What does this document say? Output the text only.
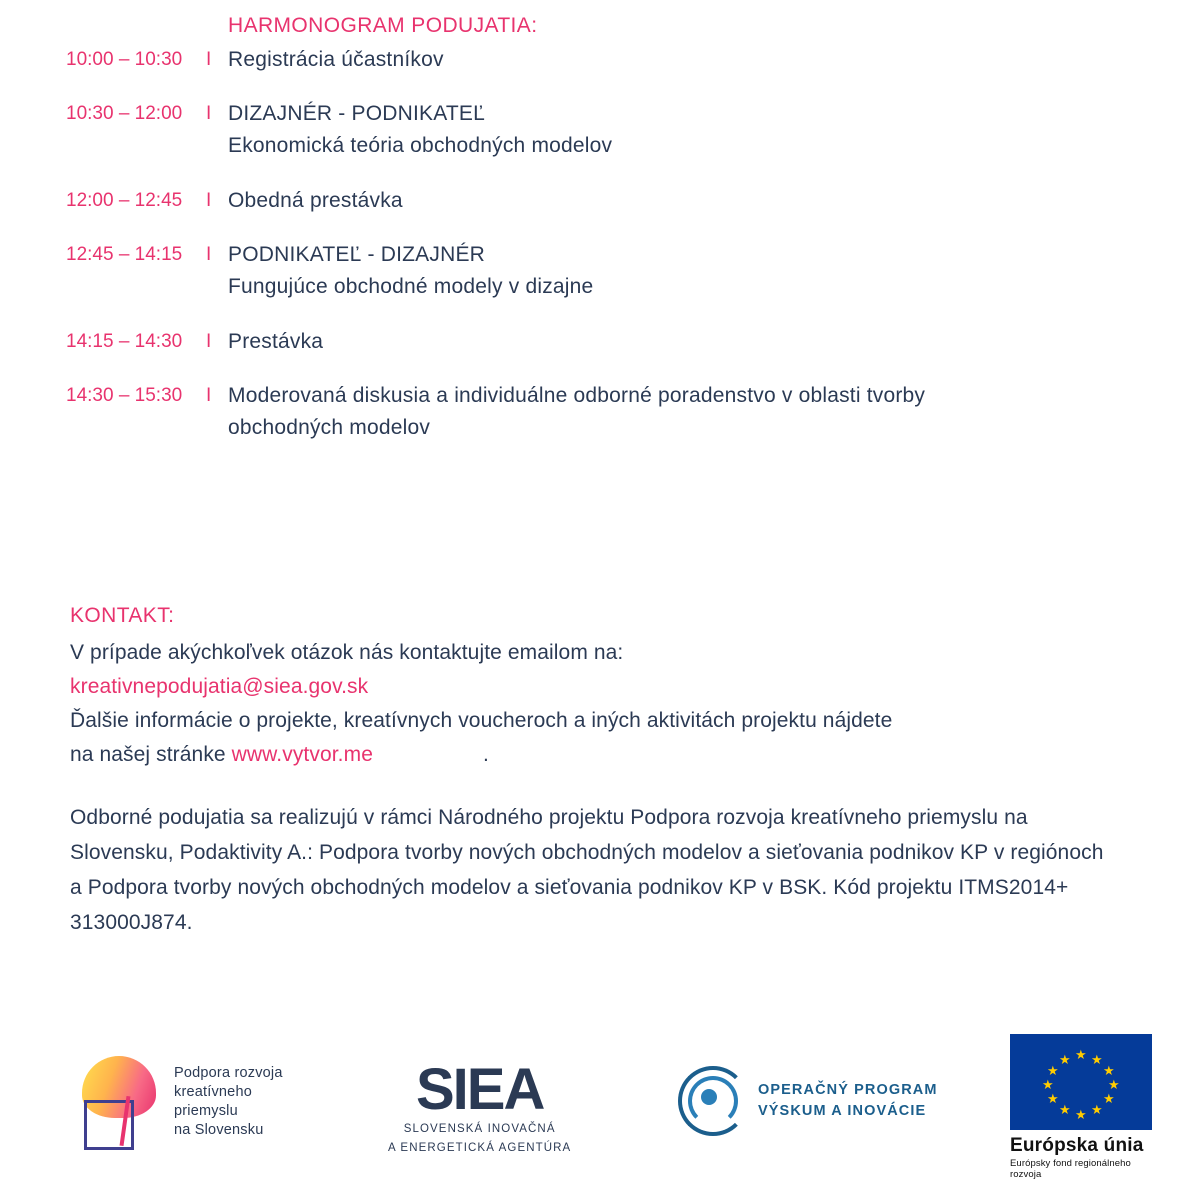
HARMONOGRAM PODUJATIA:
10:00 – 10:30	I Registrácia účastníkov
10:30 – 12:00	I DIZAJNÉR - PODNIKATEĽ
Ekonomická teória obchodných modelov
12:00 – 12:45	I Obedná prestávka
12:45 – 14:15	I PODNIKATEĽ - DIZAJNÉR
Fungujúce obchodné modely v dizajne
14:15 – 14:30	I Prestávka
14:30 – 15:30	I Moderovaná diskusia a individuálne odborné poradenstvo v oblasti tvorby
obchodných modelov
KONTAKT:

V prípade akýchkoľvek otázok nás kontaktujte emailom na:

kreativnepodujatia@siea.gov.sk

Ďalšie informácie o projekte, kreatívnych voucheroch a iných aktivitách projektu nájdete

na našej stránke www.vytvor.me	.

Odborné podujatia sa realizujú v rámci Národného projektu Podpora rozvoja kreatívneho priemyslu na Slovensku, Podaktivity A.: Podpora tvorby nových obchodných modelov a sieťovania podnikov KP v regiónoch a Podpora tvorby nových obchodných modelov a sieťovania podnikov KP v BSK. Kód projektu ITMS2014+ 313000J874.
Podpora rozvoja
kreatívneho
priemyslu
na Slovensku
SIEA
SLOVENSKÁ INOVAČNÁ
A ENERGETICKÁ AGENTÚRA
OPERAČNÝ PROGRAM
VÝSKUM A INOVÁCIE
★
★
★
★
★
★ ★ ★
★
★
★
★
Európska únia
Európsky fond regionálneho rozvoja
